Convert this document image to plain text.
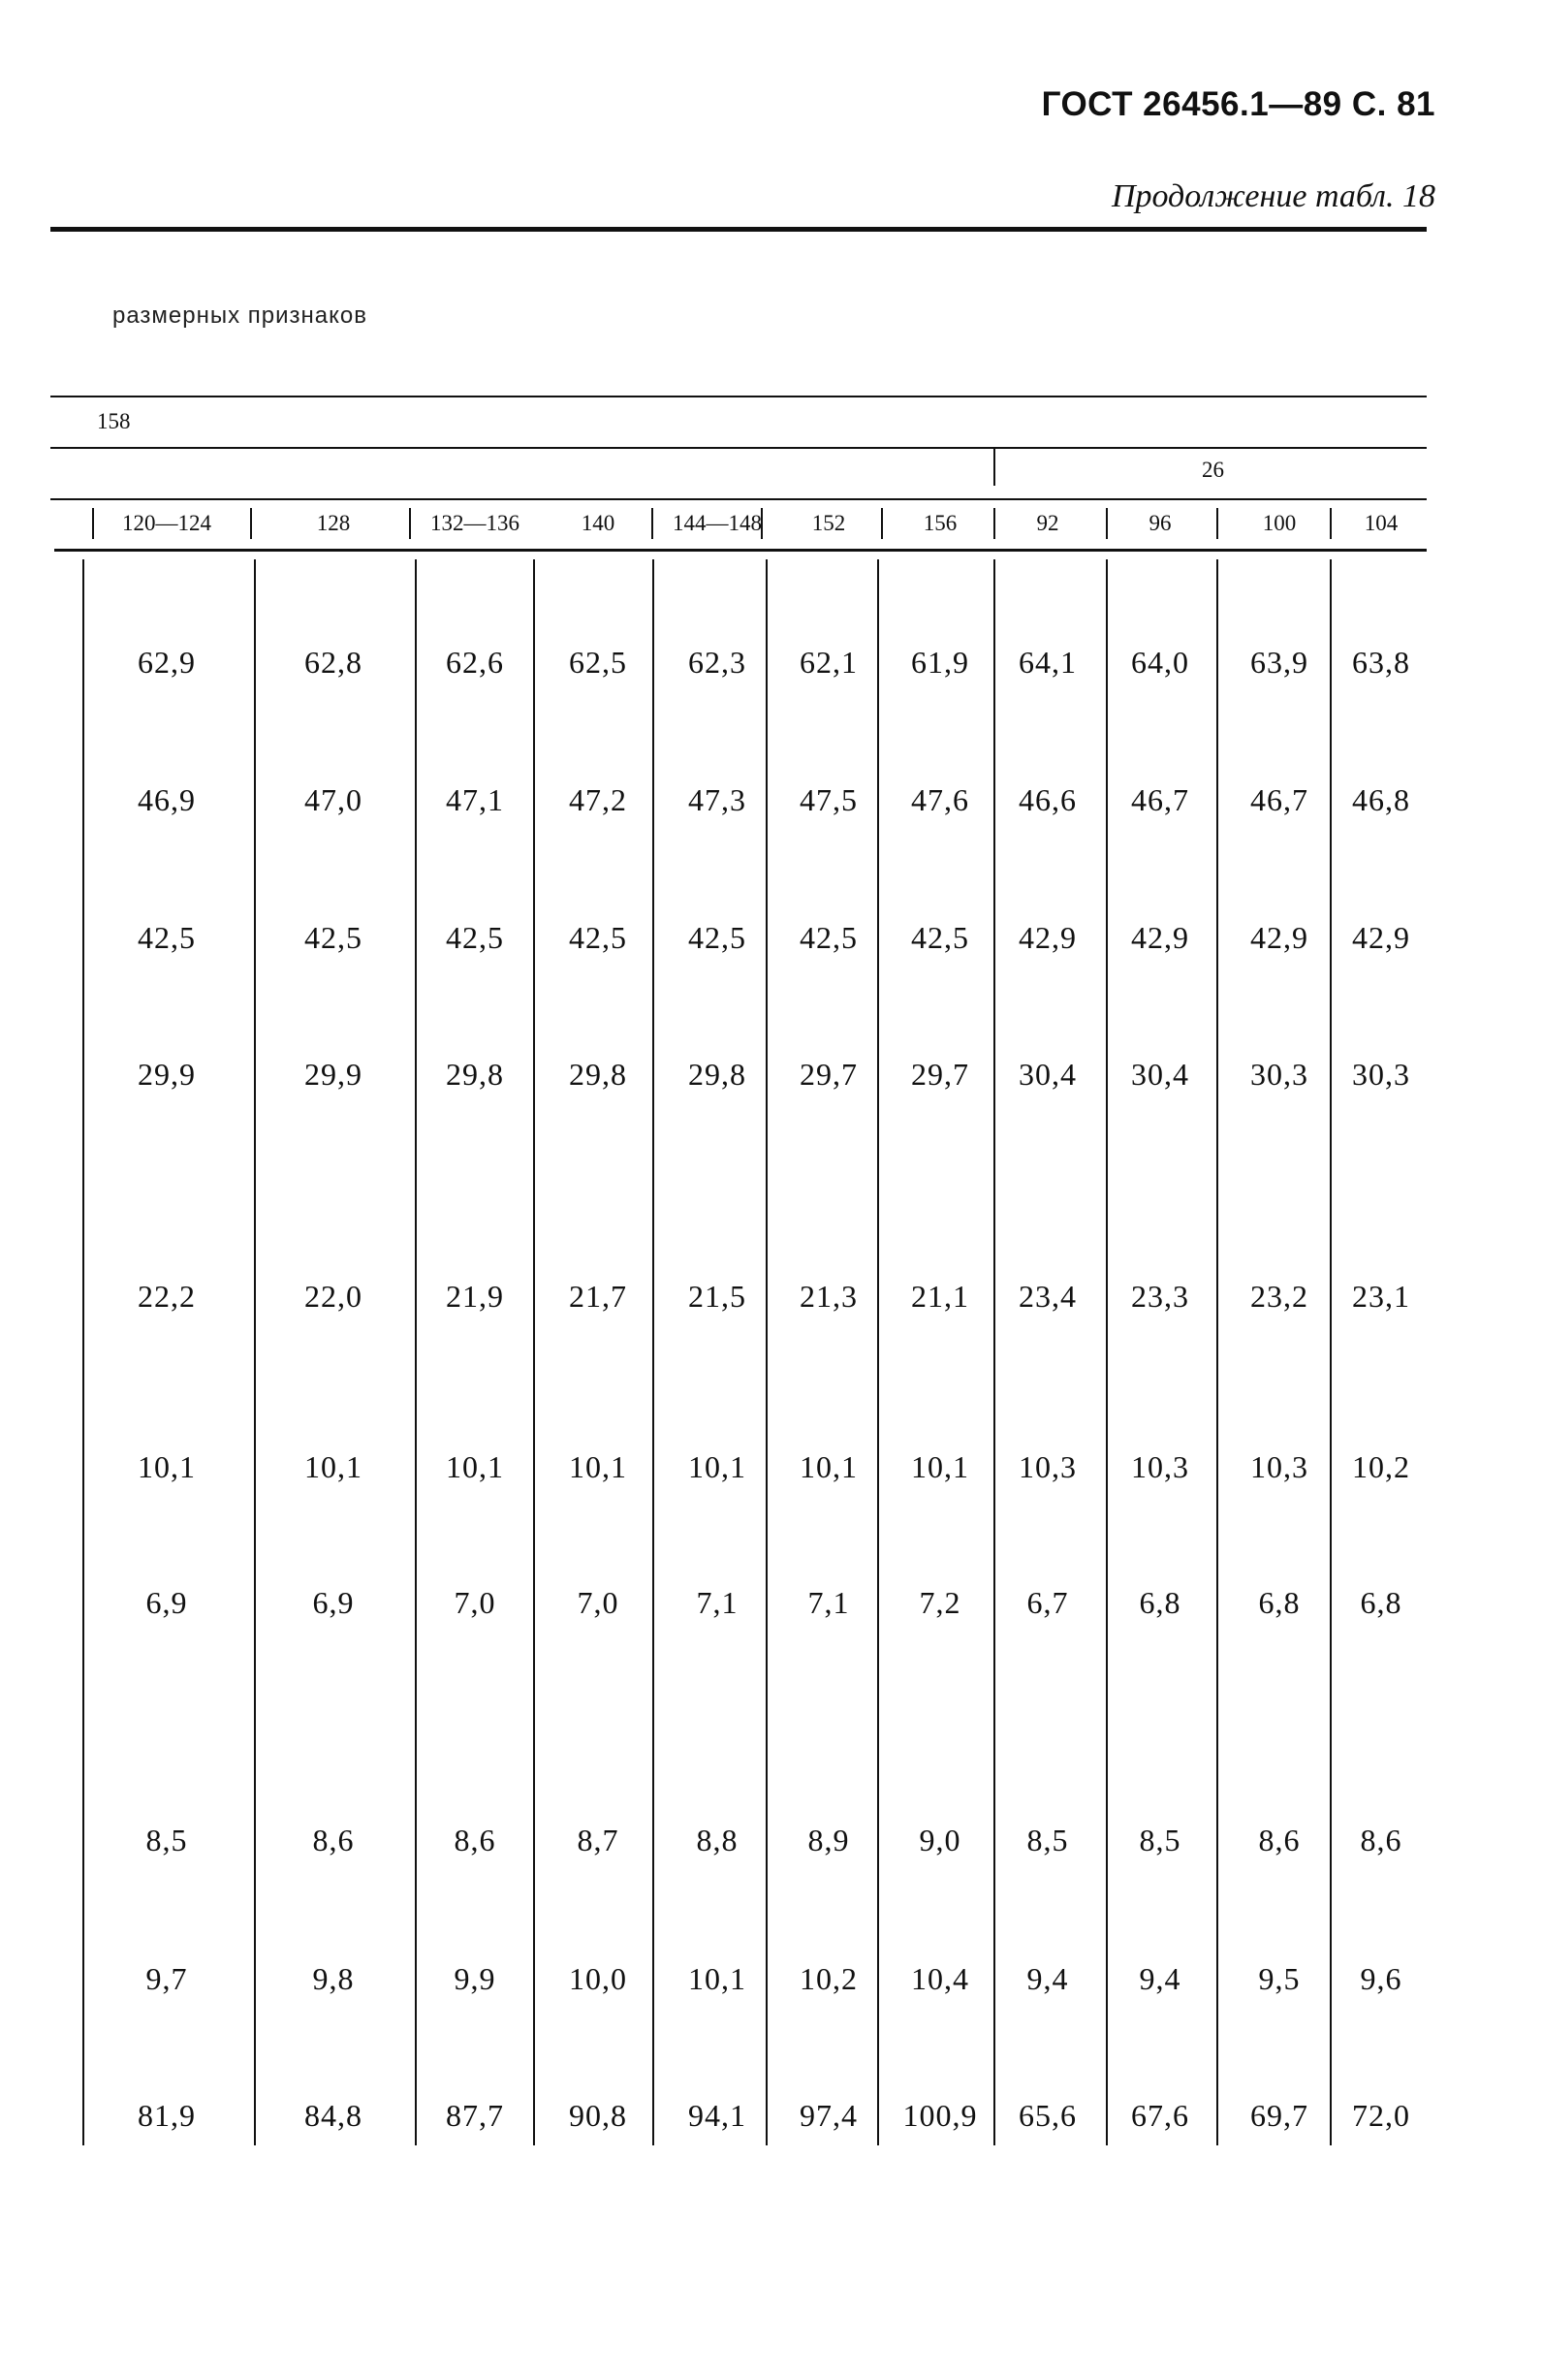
ГОСТ 26456.1—89 С. 81
Продолжение табл. 18
размерных признаков
158
26
120—124	128	132—136	140	144—148	152	156	92	96	100	104
62,9	62,8	62,6	62,5	62,3	62,1	61,9	64,1	64,0	63,9	63,8
46,9	47,0	47,1	47,2	47,3	47,5	47,6	46,6	46,7	46,7	46,8
42,5	42,5	42,5	42,5	42,5	42,5	42,5	42,9	42,9	42,9	42,9
29,9	29,9	29,8	29,8	29,8	29,7	29,7	30,4	30,4	30,3	30,3
22,2	22,0	21,9	21,7	21,5	21,3	21,1	23,4	23,3	23,2	23,1
10,1	10,1	10,1	10,1	10,1	10,1	10,1	10,3	10,3	10,3	10,2
6,9	6,9	7,0	7,0	7,1	7,1	7,2	6,7	6,8	6,8	6,8
8,5	8,6	8,6	8,7	8,8	8,9	9,0	8,5	8,5	8,6	8,6
9,7	9,8	9,9	10,0	10,1	10,2	10,4	9,4	9,4	9,5	9,6
81,9	84,8	87,7	90,8	94,1	97,4	100,9	65,6	67,6	69,7	72,0
